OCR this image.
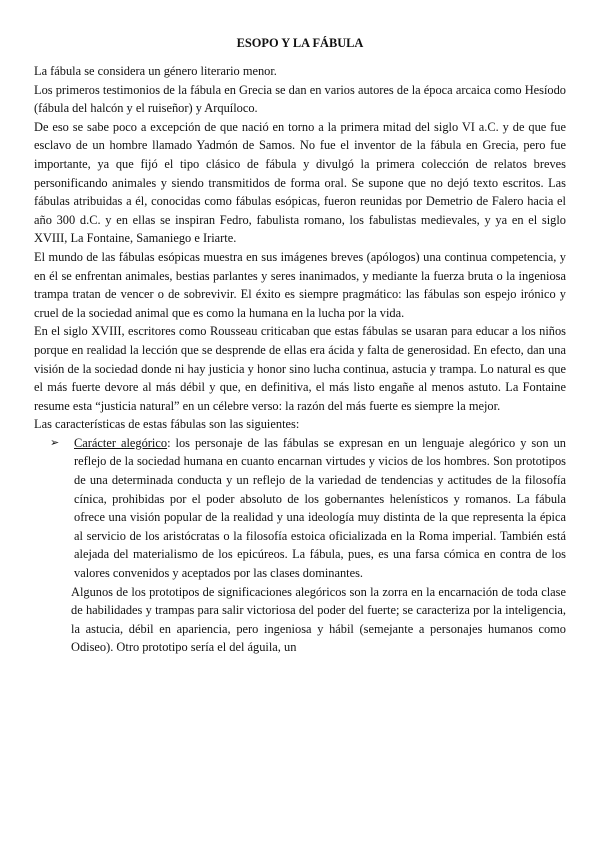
ESOPO Y LA FÁBULA

La fábula se considera un género literario menor.

Los primeros testimonios de la fábula en Grecia se dan en varios autores de la época arcaica como Hesíodo (fábula del halcón y el ruiseñor) y Arquíloco.

De eso se sabe poco a excepción de que nació en torno a la primera mitad del siglo VI a.C. y de que fue esclavo de un hombre llamado Yadmón de Samos. No fue el inventor de la fábula en Grecia, pero fue importante, ya que fijó el tipo clásico de fábula y divulgó la primera colección de relatos breves personificando animales y siendo transmitidos de forma oral. Se supone que no dejó texto escritos. Las fábulas atribuidas a él, conocidas como fábulas esópicas, fueron reunidas por Demetrio de Falero hacia el año 300 d.C. y en ellas se inspiran Fedro, fabulista romano, los fabulistas medievales, y ya en el siglo XVIII, La Fontaine, Samaniego e Iriarte.

El mundo de las fábulas esópicas muestra en sus imágenes breves (apólogos) una continua competencia, y en él se enfrentan animales, bestias parlantes y seres inanimados, y mediante la fuerza bruta o la ingeniosa trampa tratan de vencer o de sobrevivir. El éxito es siempre pragmático: las fábulas son espejo irónico y cruel de la sociedad animal que es como la humana en la lucha por la vida.

En el siglo XVIII, escritores como Rousseau criticaban que estas fábulas se usaran para educar a los niños porque en realidad la lección que se desprende de ellas era ácida y falta de generosidad. En efecto, dan una visión de la sociedad donde ni hay justicia y honor sino lucha continua, astucia y trampa. Lo natural es que el más fuerte devore al más débil y que, en definitiva, el más listo engañe al menos astuto. La Fontaine resume esta “justicia natural” en un célebre verso: la razón del más fuerte es siempre la mejor.

Las características de estas fábulas son las siguientes:

➢ Carácter alegórico: los personaje de las fábulas se expresan en un lenguaje alegórico y son un reflejo de la sociedad humana en cuanto encarnan virtudes y vicios de los hombres. Son prototipos de una determinada conducta y un reflejo de la variedad de tendencias y actitudes de la filosofía cínica, prohibidas por el poder absoluto de los gobernantes helenísticos y romanos. La fábula ofrece una visión popular de la realidad y una ideología muy distinta de la que representa la épica al servicio de los aristócratas o la filosofía estoica oficializada en la Roma imperial. También está alejada del materialismo de los epicúreos. La fábula, pues, es una farsa cómica en contra de los valores convenidos y aceptados por las clases dominantes.

Algunos de los prototipos de significaciones alegóricos son la zorra en la encarnación de toda clase de habilidades y trampas para salir victoriosa del poder del fuerte; se caracteriza por la inteligencia, la astucia, débil en apariencia, pero ingeniosa y hábil (semejante a personajes humanos como Odiseo). Otro prototipo sería el del águila, un
